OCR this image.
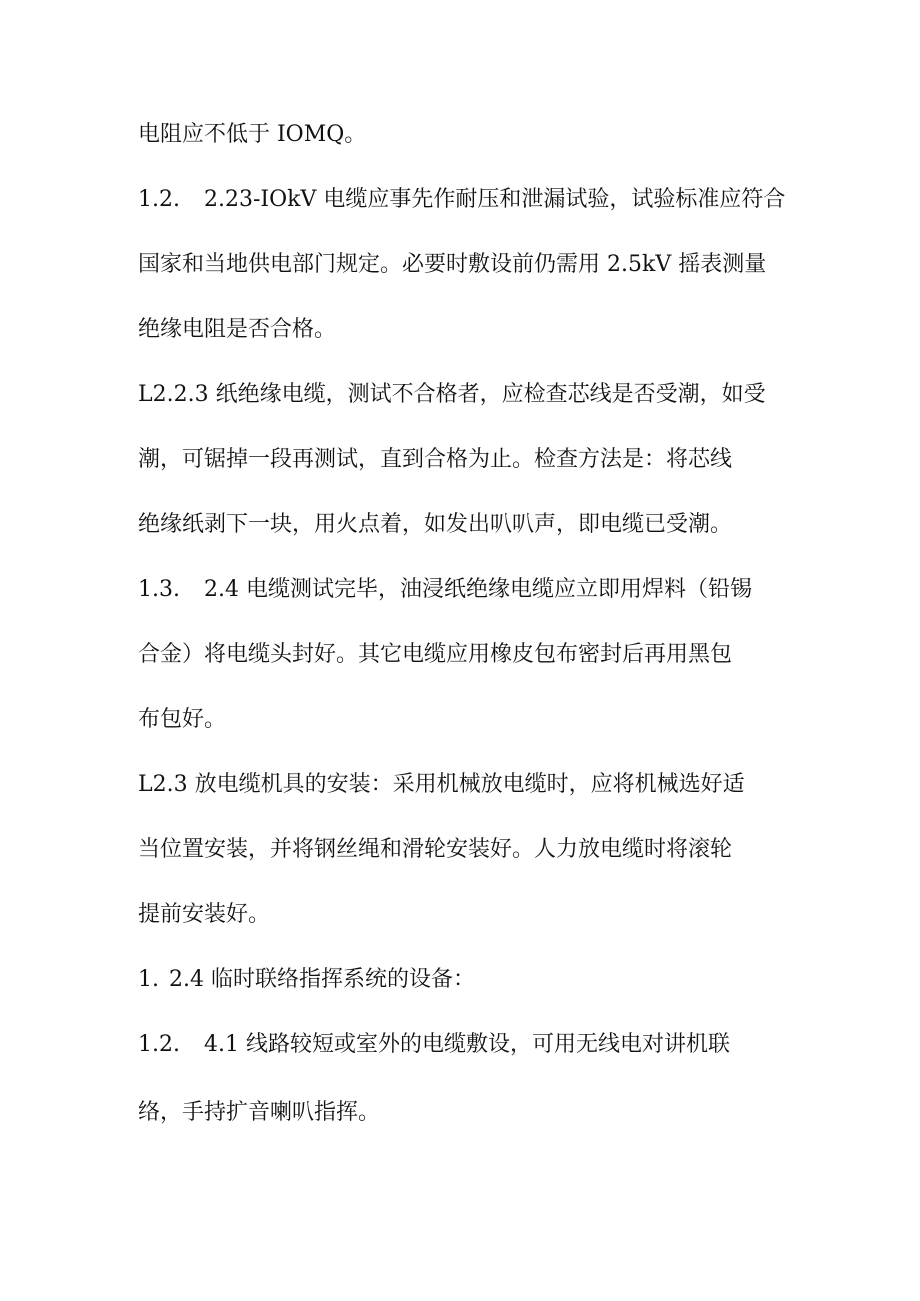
电阻应不低于 IOMQ。
1.2. 2.23-IOkV 电缆应事先作耐压和泄漏试验，试验标准应符合
国家和当地供电部门规定。必要时敷设前仍需用 2.5kV 摇表测量
绝缘电阻是否合格。
L2.2.3 纸绝缘电缆，测试不合格者，应检查芯线是否受潮，如受
潮，可锯掉一段再测试，直到合格为止。检查方法是：将芯线
绝缘纸剥下一块，用火点着，如发出叭叭声，即电缆已受潮。
1.3. 2.4 电缆测试完毕，油浸纸绝缘电缆应立即用焊料（铅锡
合金）将电缆头封好。其它电缆应用橡皮包布密封后再用黑包
布包好。
L2.3 放电缆机具的安装：采用机械放电缆时，应将机械选好适
当位置安装，并将钢丝绳和滑轮安装好。人力放电缆时将滚轮
提前安装好。
1. 2.4 临时联络指挥系统的设备：
1.2. 4.1 线路较短或室外的电缆敷设，可用无线电对讲机联
络，手持扩音喇叭指挥。
